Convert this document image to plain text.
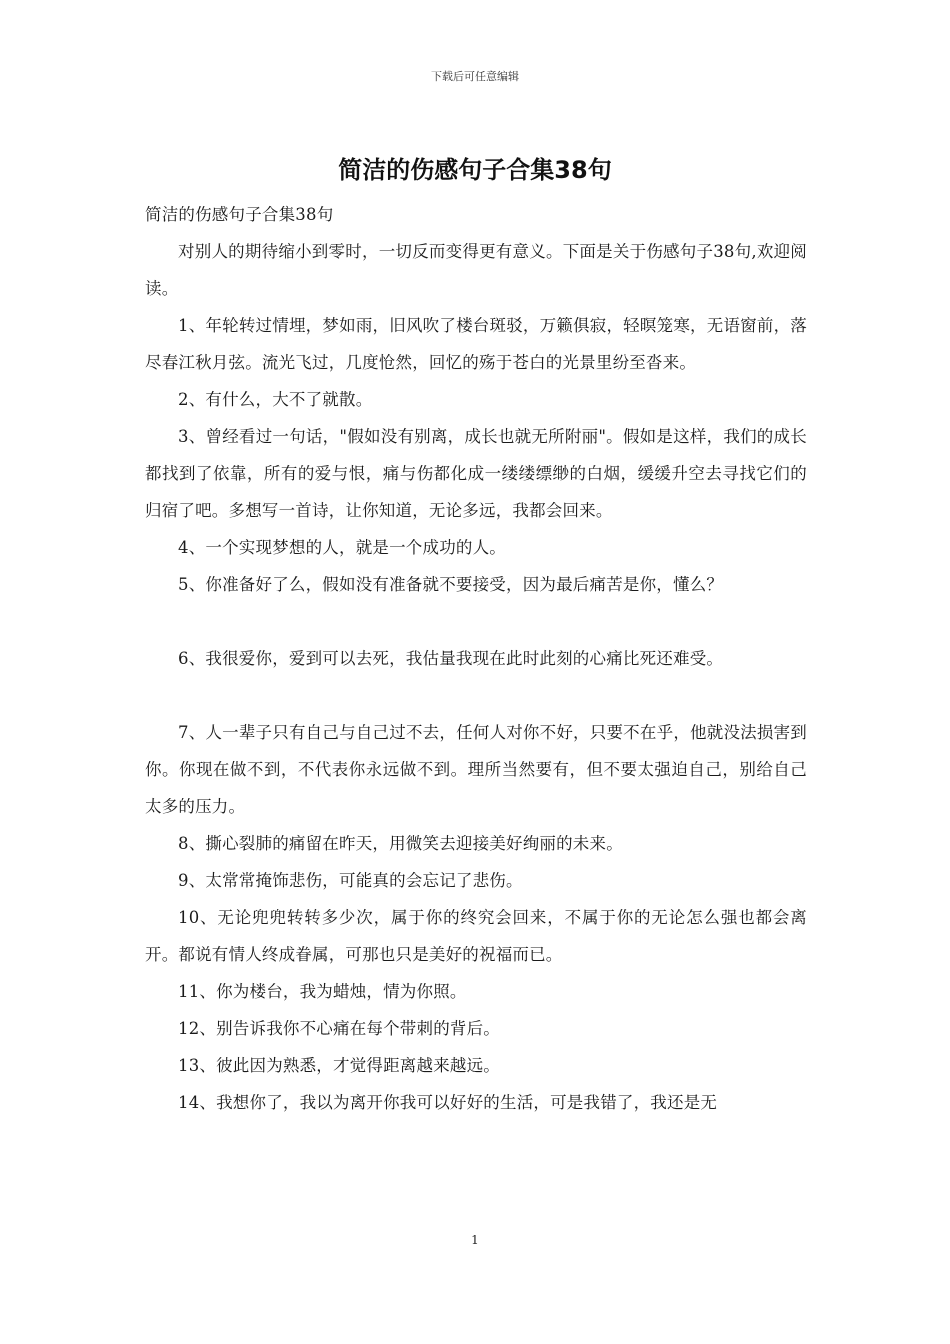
下载后可任意编辑
简洁的伤感句子合集38句

简洁的伤感句子合集38句

对别人的期待缩小到零时，一切反而变得更有意义。下面是关于伤感句子38句,欢迎阅读。

1、年轮转过情埋，梦如雨，旧风吹了楼台斑驳，万籁俱寂，轻暝笼寒，无语窗前，落尽春江秋月弦。流光飞过，几度怆然，回忆的殇于苍白的光景里纷至沓来。

2、有什么，大不了就散。

3、曾经看过一句话，"假如没有别离，成长也就无所附丽"。假如是这样，我们的成长都找到了依靠，所有的爱与恨，痛与伤都化成一缕缕缥缈的白烟，缓缓升空去寻找它们的归宿了吧。多想写一首诗，让你知道，无论多远，我都会回来。

4、一个实现梦想的人，就是一个成功的人。

5、你准备好了么，假如没有准备就不要接受，因为最后痛苦是你，懂么？

6、我很爱你，爱到可以去死，我估量我现在此时此刻的心痛比死还难受。

7、人一辈子只有自己与自己过不去，任何人对你不好，只要不在乎，他就没法损害到你。你现在做不到，不代表你永远做不到。理所当然要有，但不要太强迫自己，别给自己太多的压力。

8、撕心裂肺的痛留在昨天，用微笑去迎接美好绚丽的未来。

9、太常常掩饰悲伤，可能真的会忘记了悲伤。

10、无论兜兜转转多少次，属于你的终究会回来，不属于你的无论怎么强也都会离开。都说有情人终成眷属，可那也只是美好的祝福而已。

11、你为楼台，我为蜡烛，情为你照。

12、别告诉我你不心痛在每个带刺的背后。

13、彼此因为熟悉，才觉得距离越来越远。

14、我想你了，我以为离开你我可以好好的生活，可是我错了，我还是无

1
